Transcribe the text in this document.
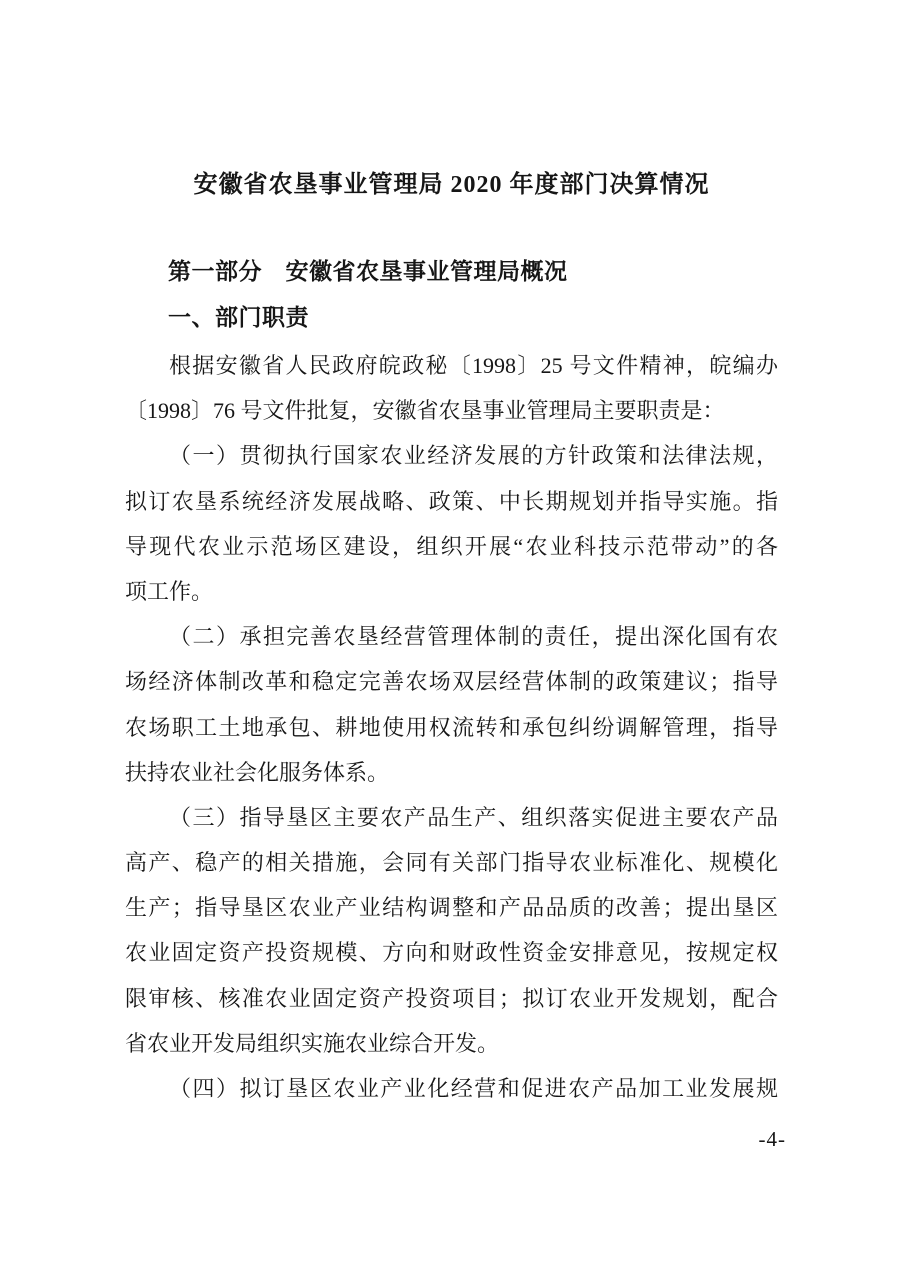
安徽省农垦事业管理局 2020 年度部门决算情况
第一部分　安徽省农垦事业管理局概况
一、部门职责
根据安徽省人民政府皖政秘〔1998〕25 号文件精神，皖编办
〔1998〕76 号文件批复，安徽省农垦事业管理局主要职责是：
（一）贯彻执行国家农业经济发展的方针政策和法律法规，
拟订农垦系统经济发展战略、政策、中长期规划并指导实施。指
导现代农业示范场区建设，组织开展“农业科技示范带动”的各
项工作。
（二）承担完善农垦经营管理体制的责任，提出深化国有农
场经济体制改革和稳定完善农场双层经营体制的政策建议；指导
农场职工土地承包、耕地使用权流转和承包纠纷调解管理，指导
扶持农业社会化服务体系。
（三）指导垦区主要农产品生产、组织落实促进主要农产品
高产、稳产的相关措施，会同有关部门指导农业标准化、规模化
生产；指导垦区农业产业结构调整和产品品质的改善；提出垦区
农业固定资产投资规模、方向和财政性资金安排意见，按规定权
限审核、核准农业固定资产投资项目；拟订农业开发规划，配合
省农业开发局组织实施农业综合开发。
（四）拟订垦区农业产业化经营和促进农产品加工业发展规
-4-
